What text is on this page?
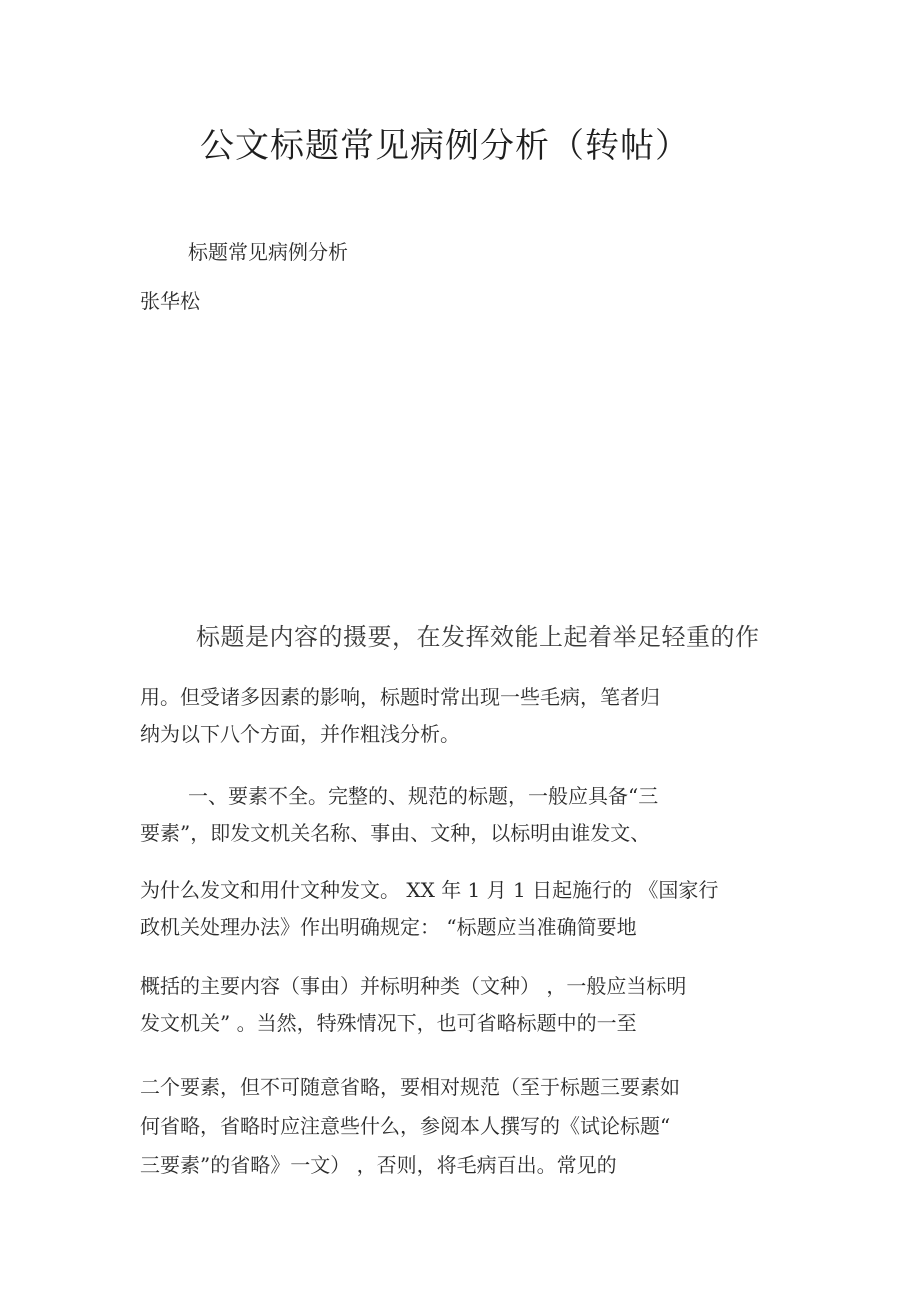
公文标题常见病例分析（转帖）
标题常见病例分析
张华松
标题是内容的摄要，在发挥效能上起着举足轻重的作
用。但受诸多因素的影响，标题时常出现一些毛病，笔者归
纳为以下八个方面，并作粗浅分析。
一、要素不全。完整的、规范的标题，一般应具备“三
要素”，即发文机关名称、事由、文种，以标明由谁发文、
为什么发文和用什文种发文。 XX 年 1 月 1 日起施行的 《国家行
政机关处理办法》作出明确规定： “标题应当准确简要地
概括的主要内容（事由）并标明种类（文种） ，一般应当标明
发文机关” 。当然，特殊情况下，也可省略标题中的一至
二个要素，但不可随意省略，要相对规范（至于标题三要素如
何省略，省略时应注意些什么，参阅本人撰写的《试论标题“
三要素”的省略》一文） ，否则，将毛病百出。常见的
